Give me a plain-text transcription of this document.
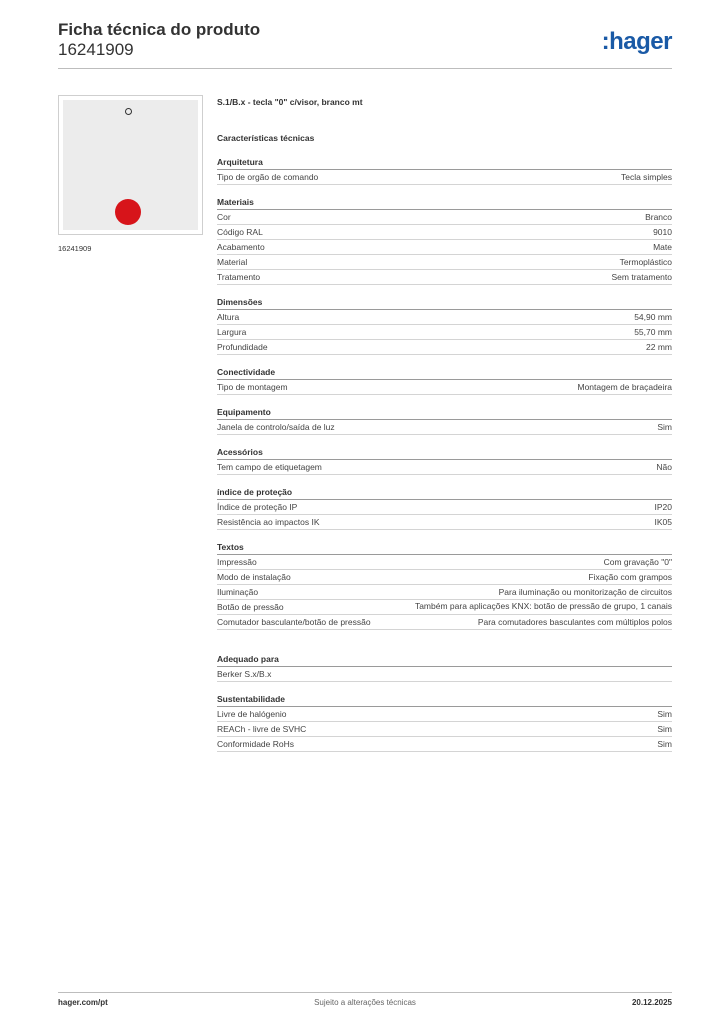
Ficha técnica do produto
16241909	:hager
16241909
S.1/B.x - tecla "0" c/visor, branco mt
Características técnicas
Arquitetura
Tipo de orgão de comando	Tecla simples
Materiais
Cor	Branco
Código RAL	9010
Acabamento	Mate
Material	Termoplástico
Tratamento	Sem tratamento
Dimensões
Altura	54,90 mm
Largura	55,70 mm
Profundidade	22 mm
Conectividade
Tipo de montagem	Montagem de braçadeira
Equipamento
Janela de controlo/saída de luz	Sim
Acessórios
Tem campo de etiquetagem	Não
índice de proteção
Índice de proteção IP	IP20
Resistência ao impactos IK	IK05
Textos
Impressão	Com gravação "0"
Modo de instalação	Fixação com grampos
Iluminação	Para iluminação ou monitorização de circuitos
Botão de pressão	Também para aplicações KNX: botão de pressão de grupo, 1 canais
Comutador basculante/botão de pressão	Para comutadores basculantes com múltiplos polos
Adequado para
Berker S.x/B.x
Sustentabilidade
Livre de halógenio	Sim
REACh - livre de SVHC	Sim
Conformidade RoHs	Sim
hager.com/pt	Sujeito a alterações técnicas	20.12.2025
